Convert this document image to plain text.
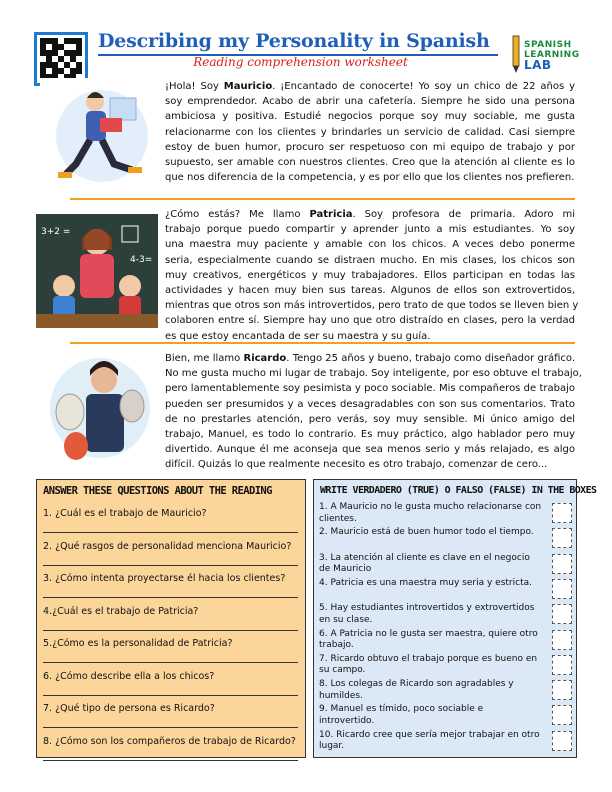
Describing my Personality in Spanish
Reading comprehension worksheet
SPANISH
LEARNING
LAB
¡Hola! Soy Mauricio. ¡Encantado de conocerte! Yo soy un chico de 22 años y
soy emprendedor. Acabo de abrir una cafetería. Siempre he sido una persona
ambiciosa y positiva. Estudié negocios porque soy muy sociable, me gusta
relacionarme con los clientes y brindarles un servicio de calidad. Casi siempre
estoy de buen humor, procuro ser respetuoso con mi equipo de trabajo y por
supuesto, ser amable con nuestros clientes. Creo que la atención al cliente es lo
que nos diferencia de la competencia, y es por ello que los clientes nos prefieren.
3+2 =
4-3=
¿Cómo estás? Me llamo Patricia. Soy profesora de primaria. Adoro mi
trabajo porque puedo compartir y aprender junto a mis estudiantes. Yo soy
una maestra muy paciente y amable con los chicos. A veces debo ponerme
seria, especialmente cuando se distraen mucho. En mis clases, los chicos son
muy creativos, energéticos y muy trabajadores. Ellos participan en todas las
actividades y hacen muy bien sus tareas. Algunos de ellos son extrovertidos,
mientras que otros son más introvertidos, pero trato de que todos se lleven bien y
colaboren entre sí. Siempre hay uno que otro distraído en clases, pero la verdad
es que estoy encantada de ser su maestra y su guía.
Bien, me llamo Ricardo. Tengo 25 años y bueno, trabajo como diseñador gráfico.
No me gusta mucho mi lugar de trabajo. Soy inteligente, por eso obtuve el trabajo,
pero lamentablemente soy pesimista y poco sociable. Mis compañeros de trabajo
pueden ser presumidos y a veces desagradables con son sus comentarios. Trato
de no prestarles atención, pero verás, soy muy sensible. Mi único amigo del
trabajo, Manuel, es todo lo contrario. Es muy práctico, algo hablador pero muy
divertido. Aunque él me aconseja que sea menos serio y más relajado, es algo
difícil. Quizás lo que realmente necesito es otro trabajo, comenzar de cero...
ANSWER THESE QUESTIONS ABOUT THE READING
1. ¿Cuál es el trabajo de Mauricio?
2. ¿Qué rasgos de personalidad menciona Mauricio?
3. ¿Cómo intenta proyectarse él hacia los clientes?
4.¿Cuál es el trabajo de Patricia?
5.¿Cómo es la personalidad de Patricia?
6. ¿Cómo describe ella a los chicos?
7. ¿Qué tipo de persona es Ricardo?
8. ¿Cómo son los compañeros de trabajo de Ricardo?
WRITE VERDADERO (TRUE) O FALSO (FALSE) IN THE BOXES
1. A Mauricio no le gusta mucho relacionarse con
clientes.
2. Mauricio está de buen humor todo el tiempo.
3. La atención al cliente es clave en el negocio
de Mauricio
4. Patricia es una maestra muy seria y estricta.
5. Hay estudiantes introvertidos y extrovertidos
en su clase.
6. A Patricia no le gusta ser maestra, quiere otro
trabajo.
7. Ricardo obtuvo el trabajo porque es bueno en
su campo.
8. Los colegas de Ricardo son agradables y
humildes.
9. Manuel es tímido, poco sociable e
introvertido.
10. Ricardo cree que sería mejor trabajar en otro
lugar.
